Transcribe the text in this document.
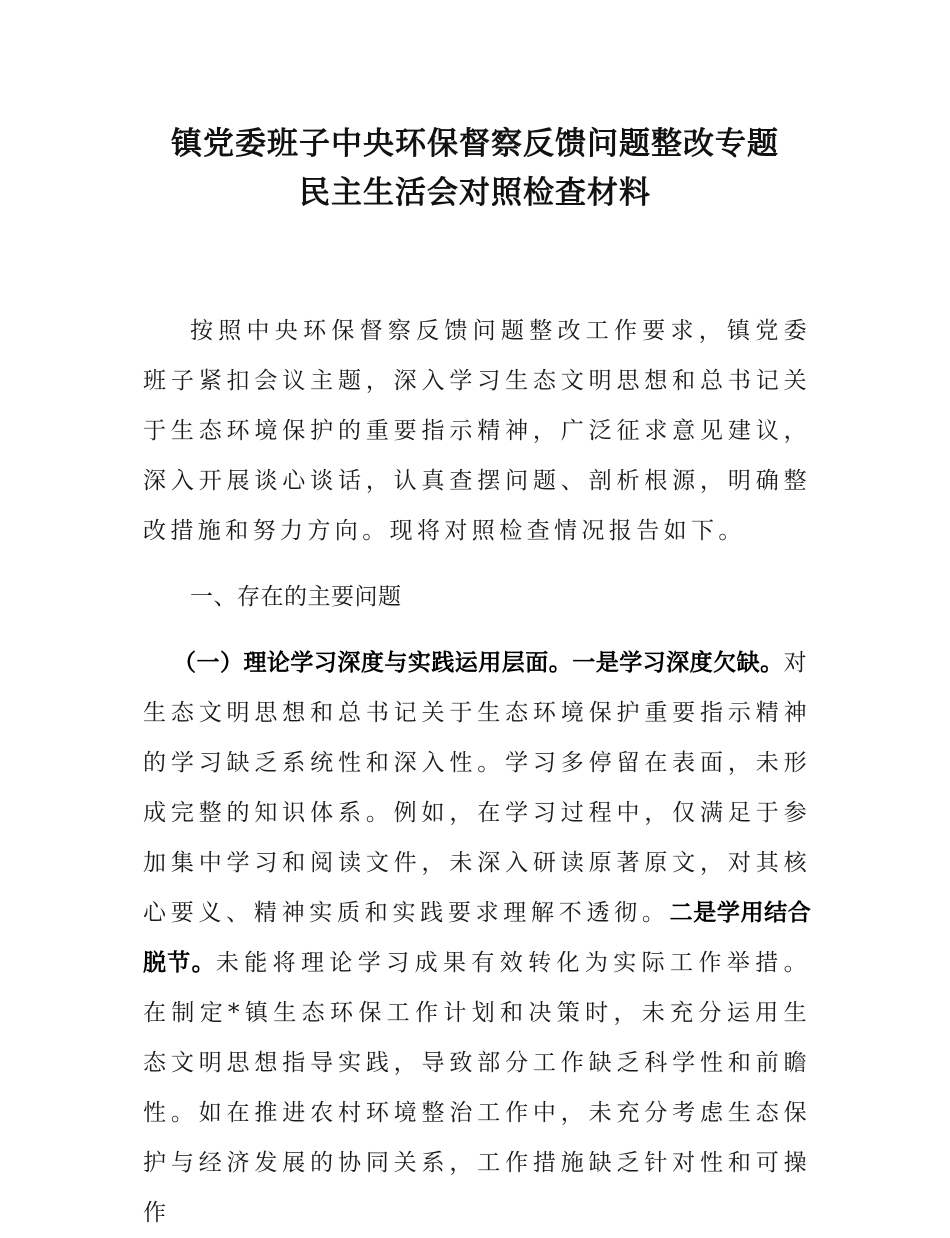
镇党委班子中央环保督察反馈问题整改专题
民主生活会对照检查材料

按照中央环保督察反馈问题整改工作要求，镇党委班子紧扣会议主题，深入学习生态文明思想和总书记关于生态环境保护的重要指示精神，广泛征求意见建议，深入开展谈心谈话，认真查摆问题、剖析根源，明确整改措施和努力方向。现将对照检查情况报告如下。

一、存在的主要问题

（一）理论学习深度与实践运用层面。一是学习深度欠缺。对生态文明思想和总书记关于生态环境保护重要指示精神的学习缺乏系统性和深入性。学习多停留在表面，未形成完整的知识体系。例如，在学习过程中，仅满足于参加集中学习和阅读文件，未深入研读原著原文，对其核心要义、精神实质和实践要求理解不透彻。二是学用结合脱节。未能将理论学习成果有效转化为实际工作举措。在制定*镇生态环保工作计划和决策时，未充分运用生态文明思想指导实践，导致部分工作缺乏科学性和前瞻性。如在推进农村环境整治工作中，未充分考虑生态保护与经济发展的协同关系，工作措施缺乏针对性和可操作
